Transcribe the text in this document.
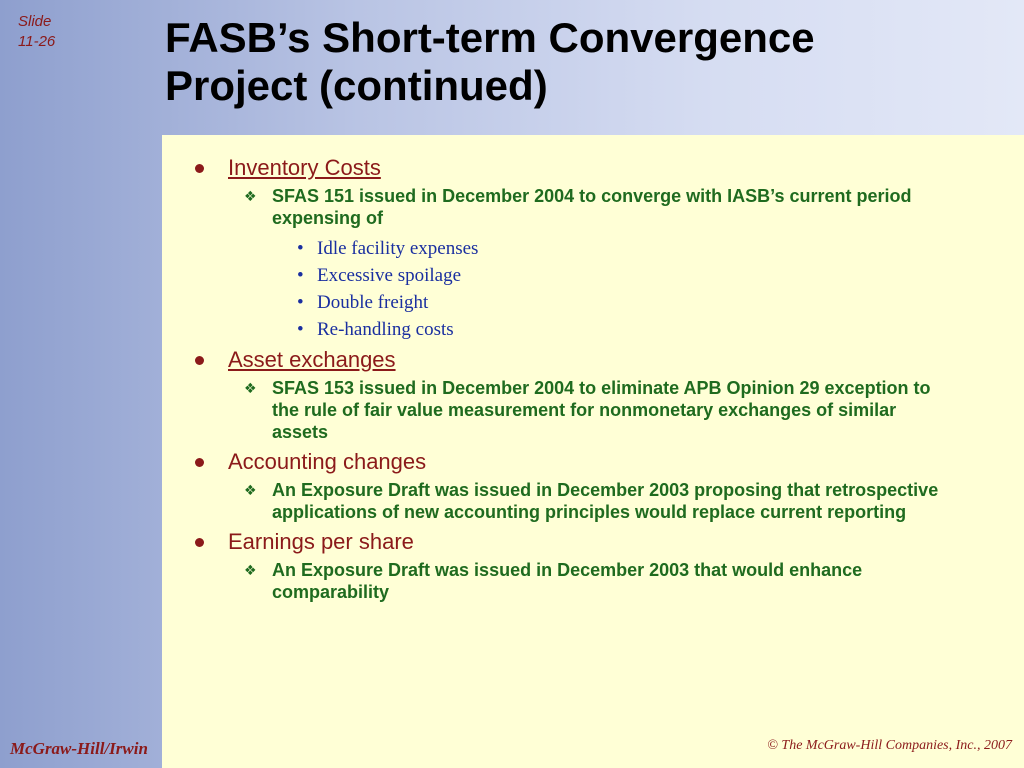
Slide
11-26	FASB’s Short-term Convergence
Project (continued)
Inventory Costs
❖ SFAS 151 issued in December 2004 to converge with IASB’s current period expensing of
• Idle facility expenses
• Excessive spoilage
• Double freight
• Re-handling costs
Asset exchanges
❖ SFAS 153 issued in December 2004 to eliminate APB Opinion 29 exception to the rule of fair value measurement for nonmonetary exchanges of similar assets
Accounting changes
❖ An Exposure Draft was issued in December 2003 proposing that retrospective applications of new accounting principles would replace current reporting
Earnings per share
❖ An Exposure Draft was issued in December 2003 that would enhance comparability
McGraw-Hill/Irwin	© The McGraw-Hill Companies, Inc., 2007
